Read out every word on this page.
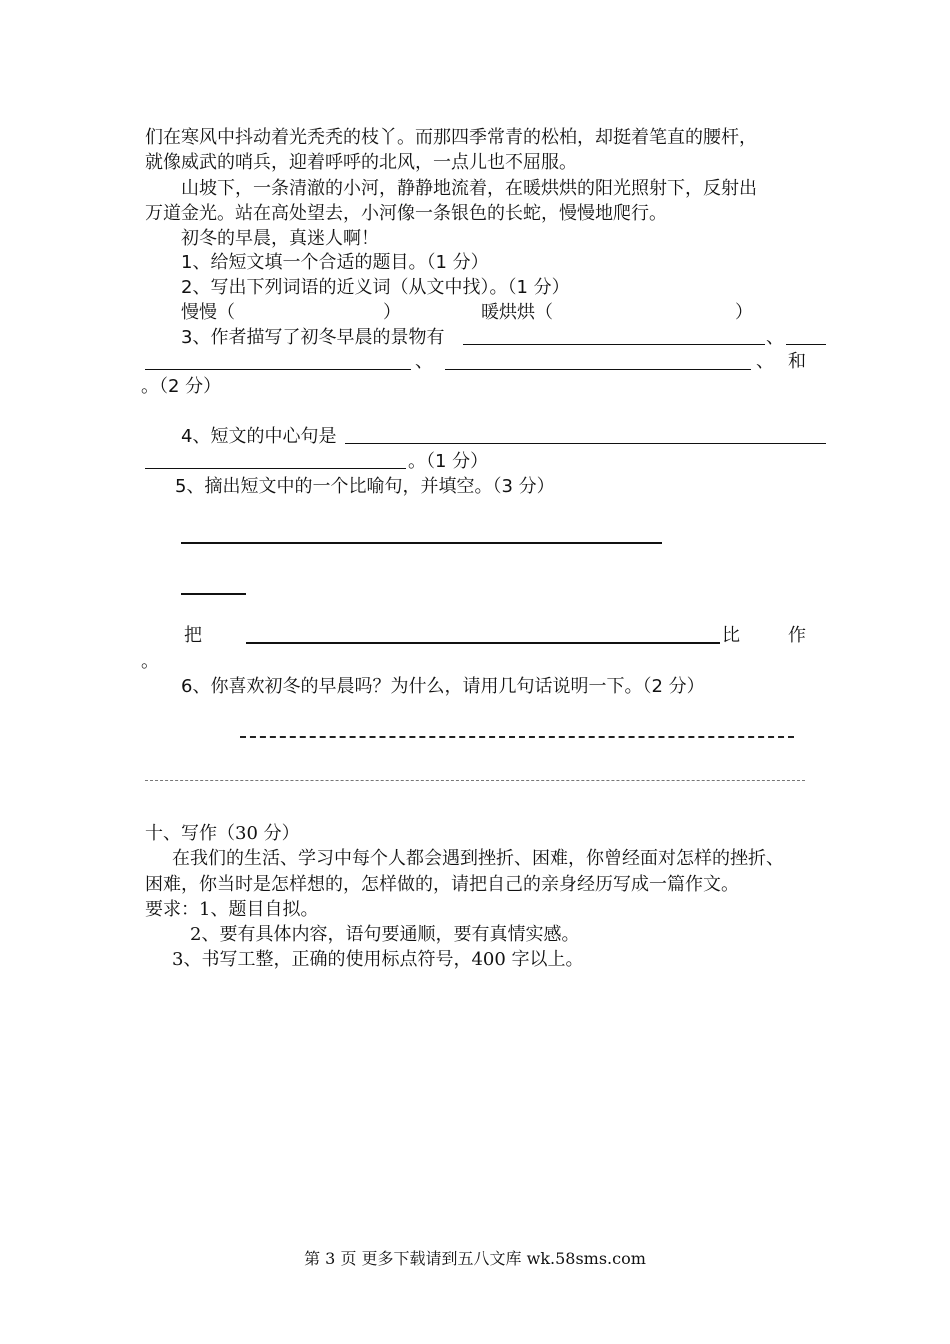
们在寒风中抖动着光秃秃的枝丫。而那四季常青的松柏，却挺着笔直的腰杆，
就像威武的哨兵，迎着呼呼的北风，一点儿也不屈服。
山坡下，一条清澈的小河，静静地流着，在暖烘烘的阳光照射下，反射出
万道金光。站在高处望去，小河像一条银色的长蛇，慢慢地爬行。
初冬的早晨，真迷人啊！
1、给短文填一个合适的题目。（1 分）
2、写出下列词语的近义词（从文中找）。（1 分）
慢慢（	）	暖烘烘（	）
3、作者描写了初冬早晨的景物有	、
、	、 和
。（2 分）
4、短文的中心句是
。（1 分）
5、摘出短文中的一个比喻句，并填空。（3 分）
把	比	作
。
6、你喜欢初冬的早晨吗？为什么，请用几句话说明一下。（2 分）
十、写作（30 分）
在我们的生活、学习中每个人都会遇到挫折、困难，你曾经面对怎样的挫折、
困难，你当时是怎样想的，怎样做的，请把自己的亲身经历写成一篇作文。
要求：1、题目自拟。
2、要有具体内容，语句要通顺，要有真情实感。
3、书写工整，正确的使用标点符号，400 字以上。
第 3 页 更多下载请到五八文库 wk.58sms.com
